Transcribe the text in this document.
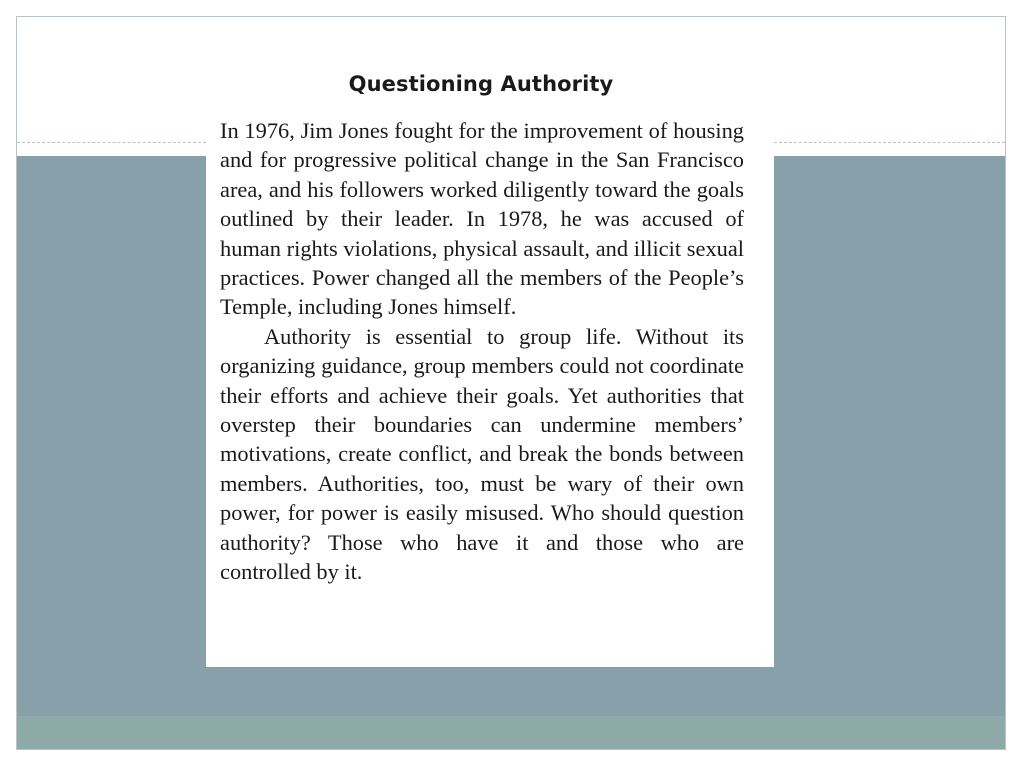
Questioning Authority

In 1976, Jim Jones fought for the improvement of housing and for progressive political change in the San Francisco area, and his followers worked diligently toward the goals outlined by their leader. In 1978, he was accused of human rights violations, physical assault, and illicit sexual practices. Power changed all the members of the People’s Temple, including Jones himself.

Authority is essential to group life. Without its organizing guidance, group members could not coordinate their efforts and achieve their goals. Yet authorities that overstep their boundaries can undermine members’ motivations, create conflict, and break the bonds between members. Authorities, too, must be wary of their own power, for power is easily misused. Who should question authority? Those who have it and those who are controlled by it.
